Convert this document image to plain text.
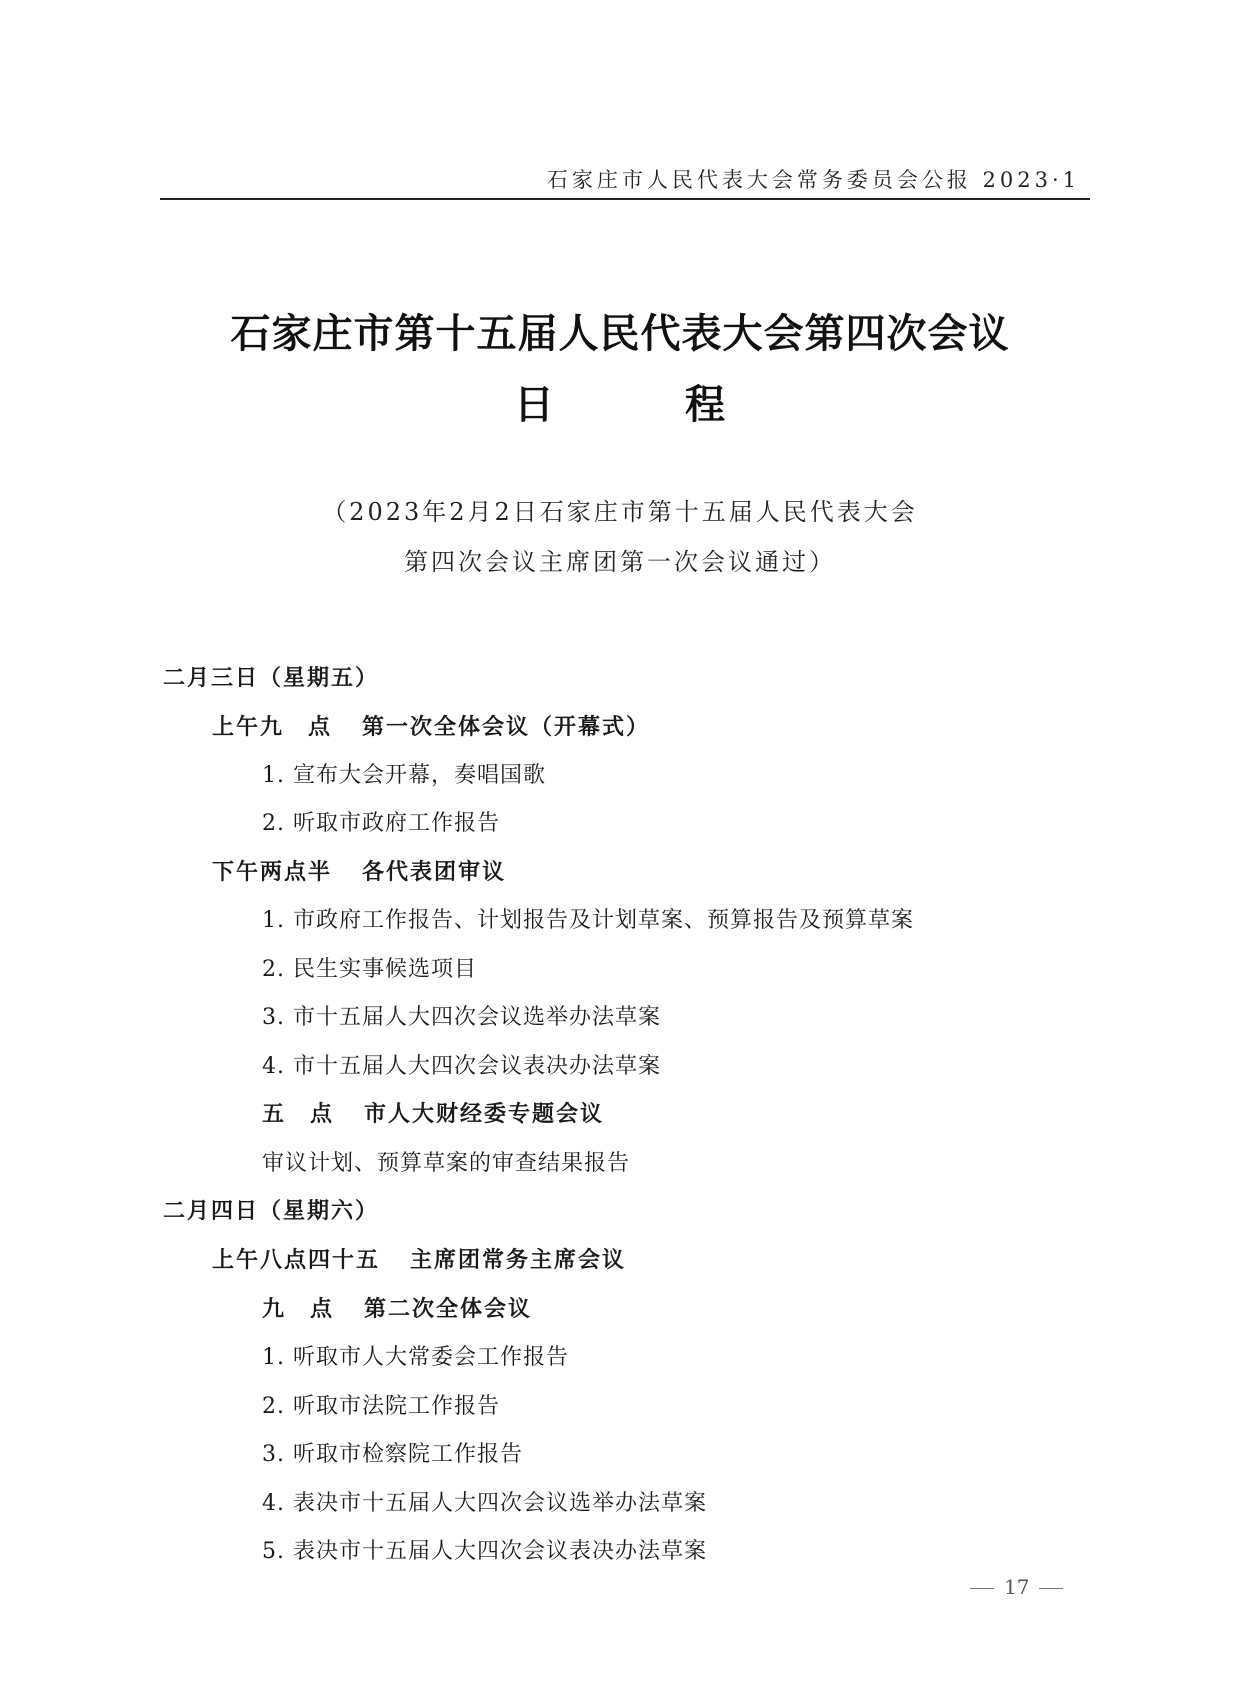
石家庄市人民代表大会常务委员会公报 2023·1
石家庄市第十五届人民代表大会第四次会议
日	程
（2023年2月2日石家庄市第十五届人民代表大会
第四次会议主席团第一次会议通过）
二月三日（星期五）
上午九　点 第一次全体会议（开幕式）
1. 宣布大会开幕，奏唱国歌
2. 听取市政府工作报告
下午两点半 各代表团审议
1. 市政府工作报告、计划报告及计划草案、预算报告及预算草案
2. 民生实事候选项目
3. 市十五届人大四次会议选举办法草案
4. 市十五届人大四次会议表决办法草案
五　点 市人大财经委专题会议
审议计划、预算草案的审查结果报告
二月四日（星期六）
上午八点四十五 主席团常务主席会议
九　点 第二次全体会议
1. 听取市人大常委会工作报告
2. 听取市法院工作报告
3. 听取市检察院工作报告
4. 表决市十五届人大四次会议选举办法草案
5. 表决市十五届人大四次会议表决办法草案
17
